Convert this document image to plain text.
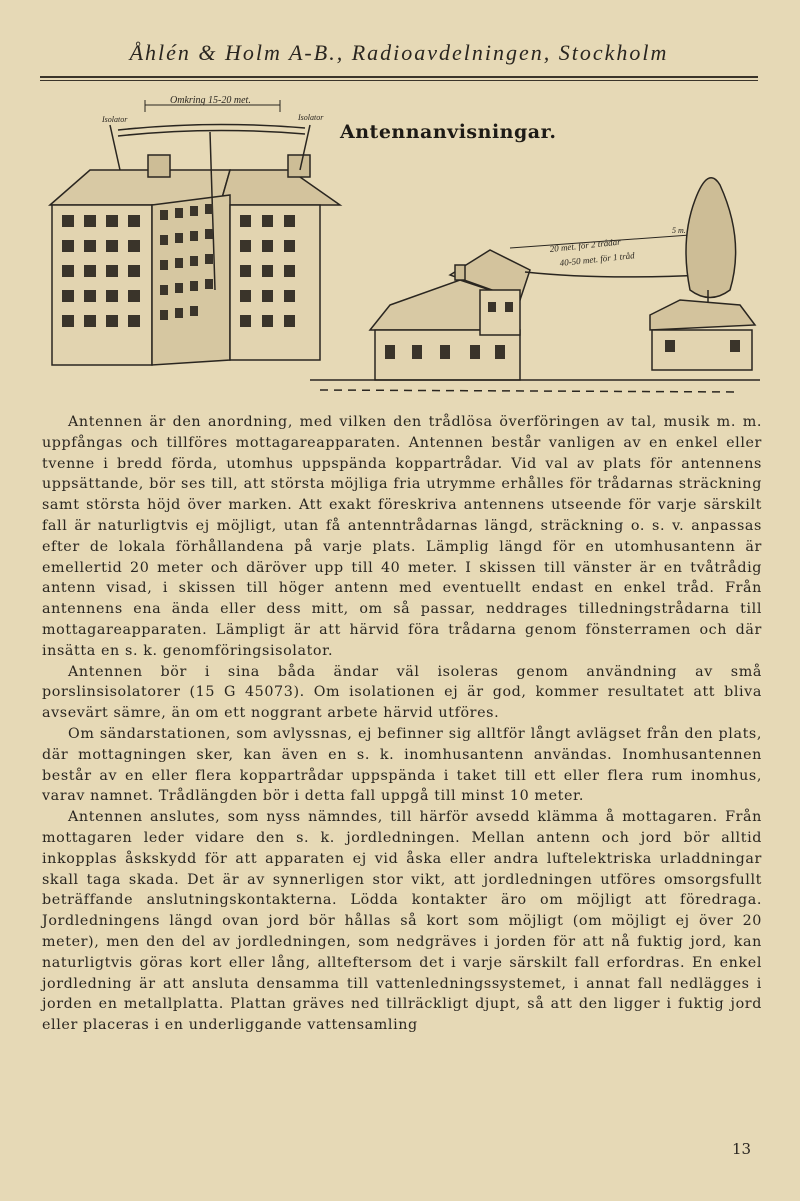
Åhlén & Holm A-B., Radioavdelningen, Stockholm
Omkring 15-20 met.
Isolator	Isolator
20 met. för 2 trådar
40-50 met. för 1 tråd
5 m.
Antennanvisningar.

Antennen är den anordning, med vilken den trådlösa överföringen av tal, musik m. m. uppfångas och tillföres mottagareapparaten. Antennen består vanligen av en enkel eller tvenne i bredd förda, utomhus uppspända koppartrådar. Vid val av plats för antennens uppsättande, bör ses till, att största möjliga fria utrymme erhålles för trådarnas sträckning samt största höjd över marken. Att exakt föreskriva antennens utseende för varje särskilt fall är naturligtvis ej möjligt, utan få antenntrådarnas längd, sträckning o. s. v. anpassas efter de lokala förhållandena på varje plats. Lämplig längd för en utomhusantenn är emellertid 20 meter och däröver upp till 40 meter. I skissen till vänster är en tvåtrådig antenn visad, i skissen till höger antenn med eventuellt endast en enkel tråd. Från antennens ena ända eller dess mitt, om så passar, neddrages tilledningstrådarna till mottagareapparaten. Lämpligt är att härvid föra trådarna genom fönsterramen och där insätta en s. k. genomföringsisolator.

Antennen bör i sina båda ändar väl isoleras genom användning av små porslinsisolatorer (15 G 45073). Om isolationen ej är god, kommer resultatet att bliva avsevärt sämre, än om ett noggrant arbete härvid utföres.

Om sändarstationen, som avlyssnas, ej befinner sig alltför långt avlägset från den plats, där mottagningen sker, kan även en s. k. inomhusantenn användas. Inomhusantennen består av en eller flera koppartrådar uppspända i taket till ett eller flera rum inomhus, varav namnet. Trådlängden bör i detta fall uppgå till minst 10 meter.

Antennen anslutes, som nyss nämndes, till härför avsedd klämma å mottagaren. Från mottagaren leder vidare den s. k. jordledningen. Mellan antenn och jord bör alltid inkopplas åskskydd för att apparaten ej vid åska eller andra luftelektriska urladdningar skall taga skada. Det är av synnerligen stor vikt, att jordledningen utföres omsorgsfullt beträffande anslutningskontakterna. Lödda kontakter äro om möjligt att föredraga. Jordledningens längd ovan jord bör hållas så kort som möjligt (om möjligt ej över 20 meter), men den del av jordledningen, som nedgräves i jorden för att nå fuktig jord, kan naturligtvis göras kort eller lång, allteftersom det i varje särskilt fall erfordras. En enkel jordledning är att ansluta densamma till vattenledningssystemet, i annat fall nedlägges i jorden en metallplatta. Plattan gräves ned tillräckligt djupt, så att den ligger i fuktig jord eller placeras i en underliggande vattensamling

13
